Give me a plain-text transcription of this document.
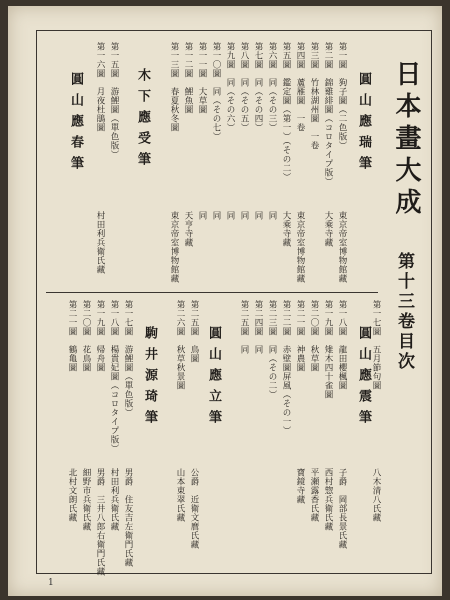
日本畫大成
第十三卷目次
圓山應瑞筆
木下應受筆
圓山應春筆	第一圖　狗子圖（二色版）
第二圖　錦雞緋圖（コロタイプ版）
第三圖　竹林湖州圖　一卷
第四圖　蘆雁圖　一卷
第五圖　鑑定圖（第一）（その二）
第六圖　同（その三）
第七圖　同（その四）
第八圖　同（その五）
第九圖　同（その六）
第一〇圖　同（その七）
第一一圖　大草圖
第一二圖　鯉魚圖
第一三圖　春夏秋冬圖
東京帝室博物館藏
大乘寺藏
東京帝室博物館藏
大乘寺藏
同
同
同
同
同
同
天亨寺藏
東京帝室博物館藏
第一五圖　游鯉圖（單色版）
第一六圖　月夜杜鵑圖
村田利兵衛氏藏
圓山應震筆 第一七圖　五月節句圖
第一八圖　龍田櫻楓圖
第一九圖　雉木四十雀圖
第二〇圖　秋草圖
第二一圖　神農圖
第二二圖　赤壁圖屏風（その一）
第二三圖　同（その二）
第二四圖　同
第二五圖　同
八木清八氏藏
子爵　岡部長景氏藏
西村惣兵衛氏藏
平瀬露香氏藏
寶鏡寺藏
圓山應立筆
第二五圖　鳥圖
第二六圖　秋草秋景圖
公爵　近衛文麿氏藏
山本東翠氏藏
駒井源琦筆
第一七圖　游鯉圖（單色版）
第一八圖　楊貴妃圖（コロタイプ版）
第一九圖　帰舟圖
第二〇圖　花鳥圖
第二一圖　鶴亀圖
男爵　住友吉左衛門氏藏
村田利兵衛氏藏
男爵　三井八郎右衛門氏藏
細野市兵衛氏藏
北村文朗氏藏
1
